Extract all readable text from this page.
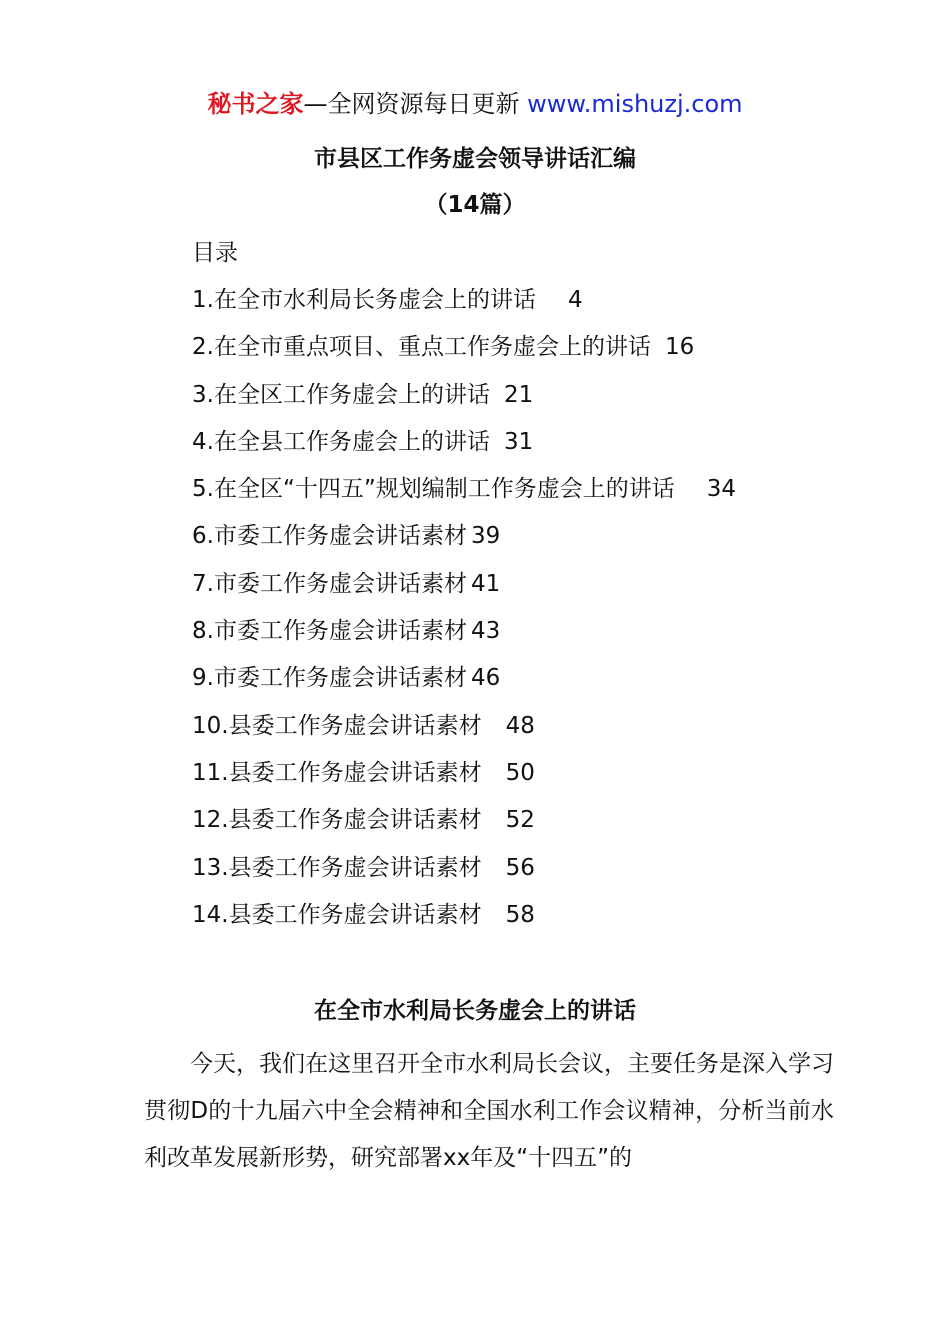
秘书之家—全网资源每日更新 www.mishuzj.com
市县区工作务虚会领导讲话汇编
（14篇）
目录
1.在全市水利局长务虚会上的讲话 4
2.在全市重点项目、重点工作务虚会上的讲话 16
3.在全区工作务虚会上的讲话 21
4.在全县工作务虚会上的讲话 31
5.在全区“十四五”规划编制工作务虚会上的讲话 34
6.市委工作务虚会讲话素材 39
7.市委工作务虚会讲话素材 41
8.市委工作务虚会讲话素材 43
9.市委工作务虚会讲话素材 46
10.县委工作务虚会讲话素材 48
11.县委工作务虚会讲话素材 50
12.县委工作务虚会讲话素材 52
13.县委工作务虚会讲话素材 56
14.县委工作务虚会讲话素材 58
在全市水利局长务虚会上的讲话

今天，我们在这里召开全市水利局长会议，主要任务是深入学习贯彻D的十九届六中全会精神和全国水利工作会议精神，分析当前水利改革发展新形势，研究部署xx年及“十四五”的
